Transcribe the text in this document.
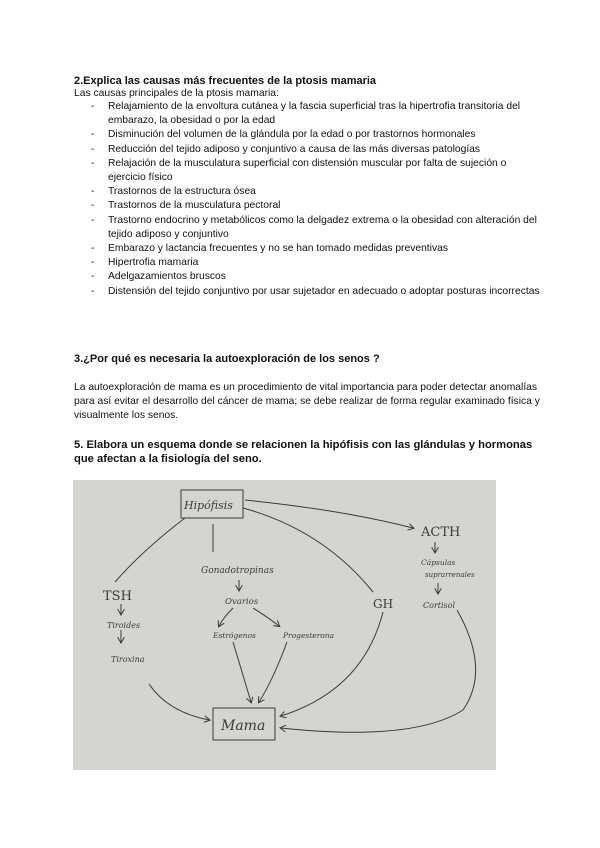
2.Explica las causas más frecuentes de la ptosis mamaria
Las causas principales de la ptosis mamaria:
- Relajamiento de la envoltura cutánea y la fascia superficial tras la hipertrofia transitoria del embarazo, la obesidad o por la edad
- Disminución del volumen de la glándula por la edad o por trastornos hormonales
- Reducción del tejido adiposo y conjuntivo a causa de las más diversas patologías
- Relajación de la musculatura superficial con distensión muscular por falta de sujeción o ejercicio físico
- Trastornos de la estructura ósea
- Trastornos de la musculatura pectoral
- Trastorno endocrino y metabólicos como la delgadez extrema o la obesidad con alteración del tejido adiposo y conjuntivo
- Embarazo y lactancia frecuentes y no se han tomado medidas preventivas
- Hipertrofia mamaria
- Adelgazamientos bruscos
- Distensión del tejido conjuntivo por usar sujetador en adecuado o adoptar posturas incorrectas
3.¿Por qué es necesaria la autoexploración de los senos ?
La autoexploración de mama es un procedimiento de vital importancia para poder detectar anomalías para así evitar el desarrollo del cáncer de mama; se debe realizar de forma regular examinado física y visualmente los senos.
5. Elabora un esquema donde se relacionen la hipófisis con las glándulas y hormonas que afectan a la fisiología del seno.
Hipófisis
Gonadotropinas
Ovarios
Estrógenos	Progesterona
TSH
Tiroides
Tiroxina
GH
ACTH
Cápsulas
suprarrenales
Cortisol
Mama
